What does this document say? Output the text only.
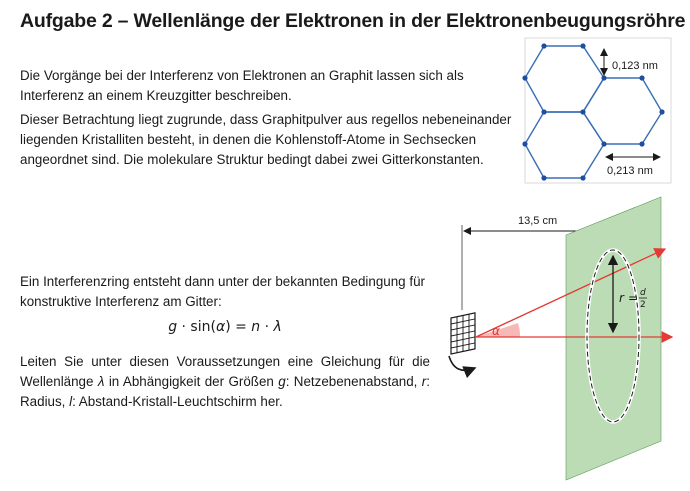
Aufgabe 2 – Wellenlänge der Elektronen in der Elektronenbeugungsröhre

Die Vorgänge bei der Interferenz von Elektronen an Graphit lassen sich als Interferenz an einem Kreuzgitter beschreiben.

Dieser Betrachtung liegt zugrunde, dass Graphitpulver aus regellos nebeneinander liegenden Kristalliten besteht, in denen die Kohlenstoff-Atome in Sechsecken angeordnet sind. Die molekulare Struktur bedingt dabei zwei Gitterkonstanten.

Ein Interferenzring entsteht dann unter der bekannten Bedingung für konstruktive Interferenz am Gitter:

g · sin(α) = n · λ

Leiten Sie unter diesen Voraussetzungen eine Gleichung für die Wellenlänge λ in Abhängigkeit der Größen g: Netzebenenabstand, r: Radius, l: Abstand-Kristall-Leuchtschirm her.

0,123 nm
0,213 nm
13,5 cm
α
r = d
2
